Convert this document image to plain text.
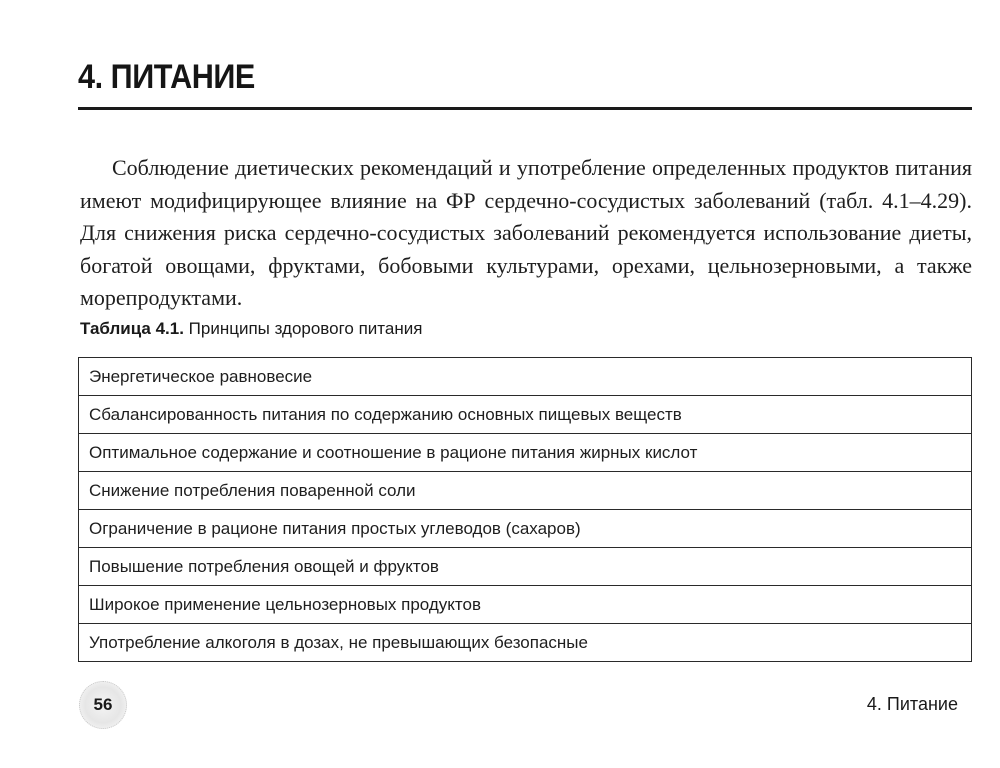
4. ПИТАНИЕ

Соблюдение диетических рекомендаций и употребление определенных продуктов питания имеют модифицирующее влияние на ФР сердечно-сосудистых заболеваний (табл. 4.1–4.29). Для снижения риска сердечно-сосудистых заболеваний рекомендуется использование диеты, богатой овощами, фруктами, бобовыми культурами, орехами, цельнозерновыми, а также морепродуктами.

Таблица 4.1. Принципы здорового питания

Энергетическое равновесие
Сбалансированность питания по содержанию основных пищевых веществ
Оптимальное содержание и соотношение в рационе питания жирных кислот
Снижение потребления поваренной соли
Ограничение в рационе питания простых углеводов (сахаров)
Повышение потребления овощей и фруктов
Широкое применение цельнозерновых продуктов
Употребление алкоголя в дозах, не превышающих безопасные
56	4. Питание
